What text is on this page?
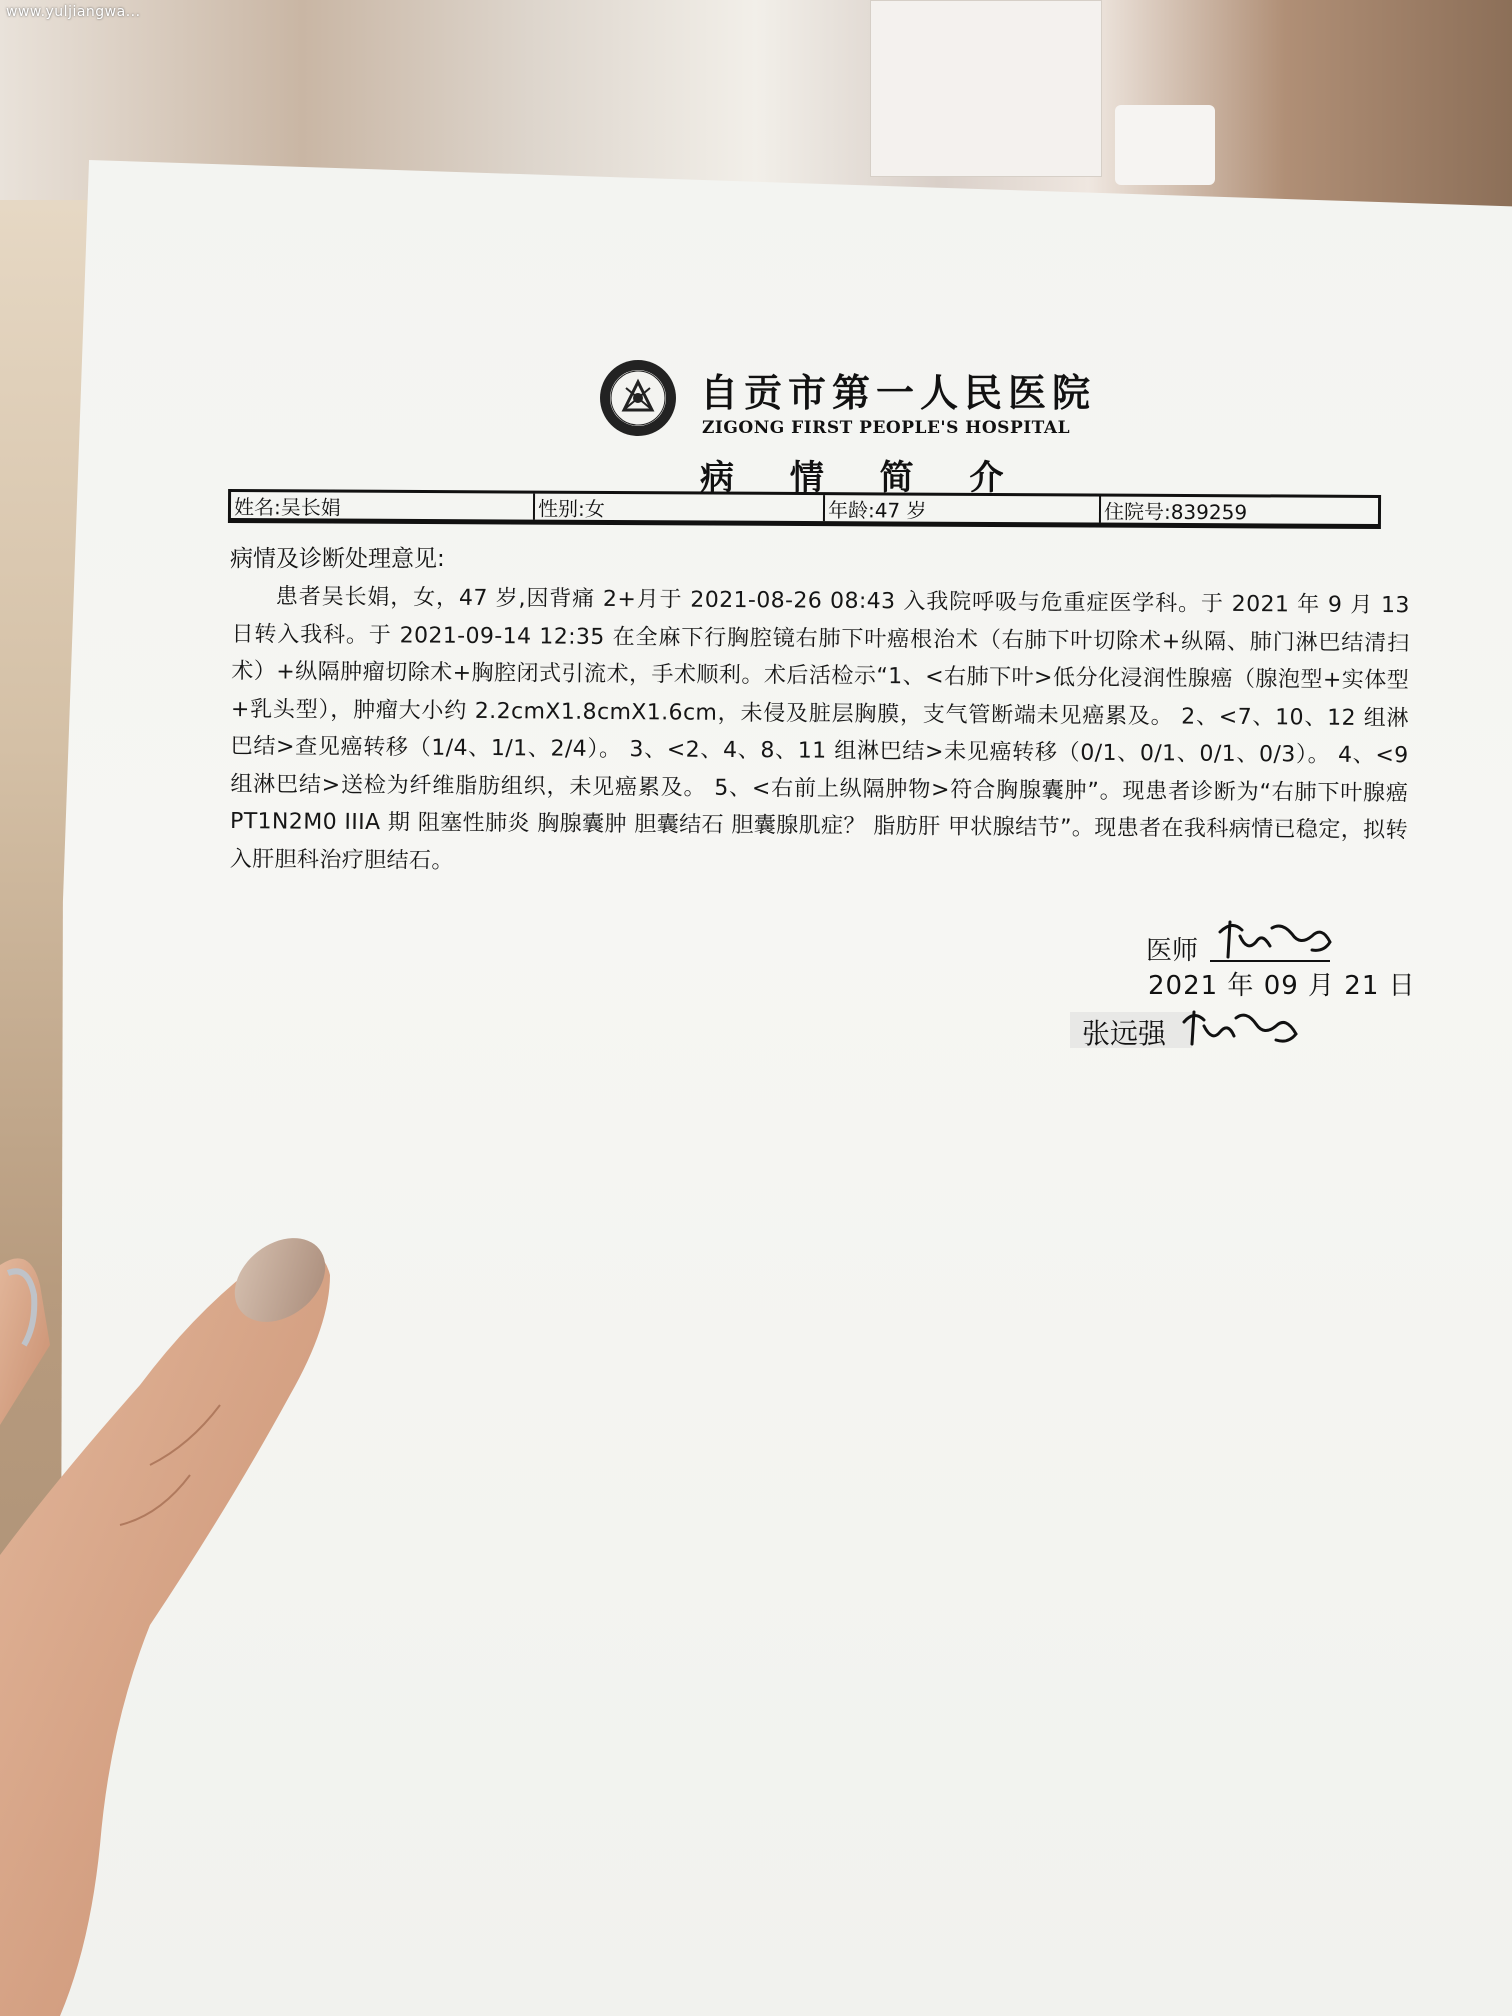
www.yuljiangwa...
自贡市第一人民医院
ZIGONG FIRST PEOPLE'S HOSPITAL
病 情 简 介
姓名:吴长娟	性别:女	年龄:47 岁	住院号:839259
病情及诊断处理意见:
患者吴长娟，女，47 岁,因背痛 2+月于 2021-08-26 08:43 入我院呼吸与危重症医学科。于 2021 年 9 月 13 日转入我科。于 2021-09-14 12:35 在全麻下行胸腔镜右肺下叶癌根治术（右肺下叶切除术+纵隔、肺门淋巴结清扫术）+纵隔肿瘤切除术+胸腔闭式引流术，手术顺利。术后活检示“1、<右肺下叶>低分化浸润性腺癌（腺泡型+实体型+乳头型），肿瘤大小约 2.2cmX1.8cmX1.6cm，未侵及脏层胸膜，支气管断端未见癌累及。 2、<7、10、12 组淋巴结>查见癌转移（1/4、1/1、2/4）。 3、<2、4、8、11 组淋巴结>未见癌转移（0/1、0/1、0/1、0/3）。 4、<9 组淋巴结>送检为纤维脂肪组织，未见癌累及。 5、<右前上纵隔肿物>符合胸腺囊肿”。现患者诊断为“右肺下叶腺癌 PT1N2M0 IIIA 期 阻塞性肺炎 胸腺囊肿 胆囊结石 胆囊腺肌症？ 脂肪肝 甲状腺结节”。现患者在我科病情已稳定，拟转入肝胆科治疗胆结石。
医师
2021 年 09 月 21 日
张远强
